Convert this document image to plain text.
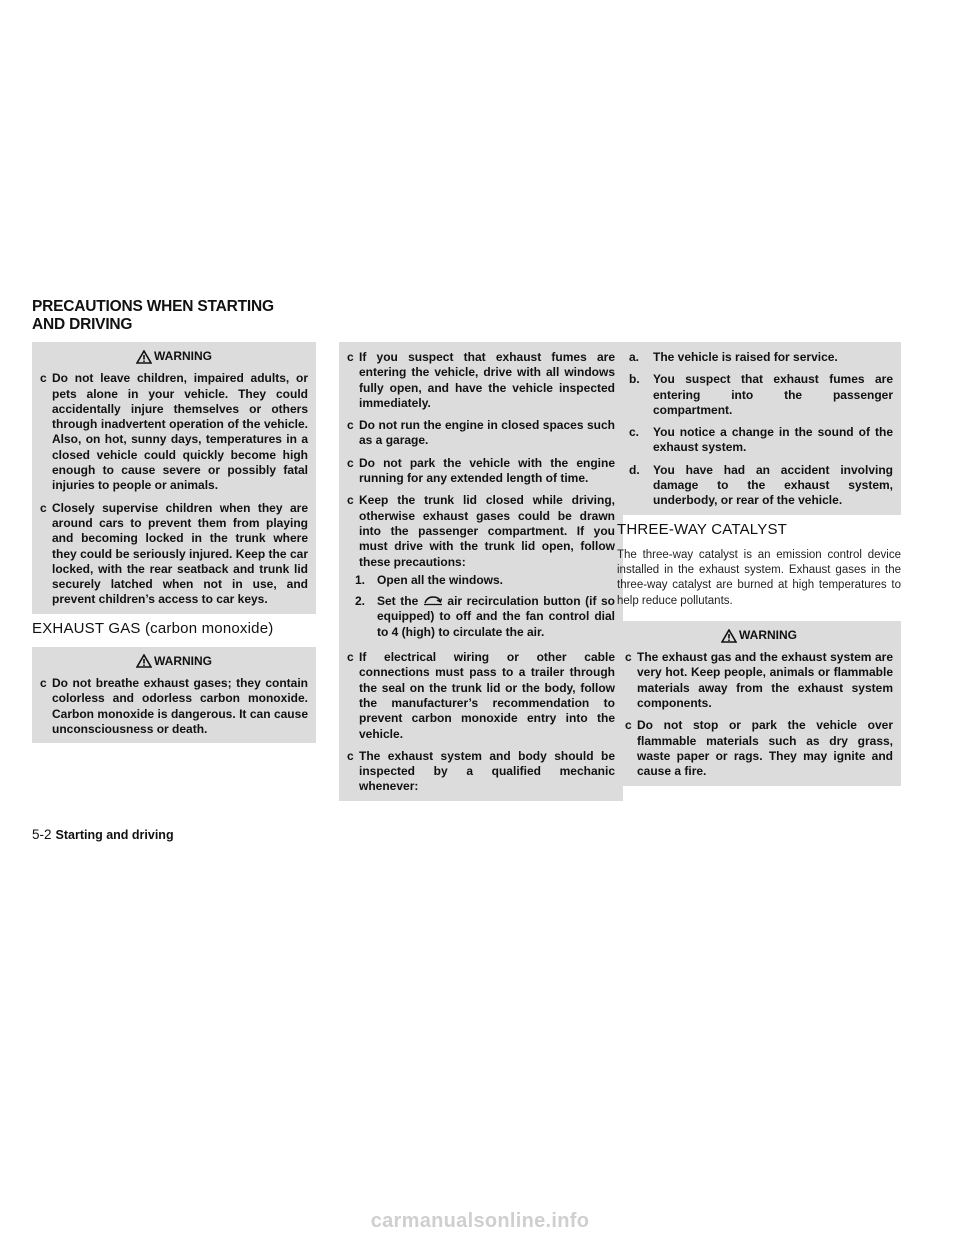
PRECAUTIONS WHEN STARTING
AND DRIVING
WARNING
c Do not leave children, impaired adults, or pets alone in your vehicle. They could accidentally injure themselves or others through inadvertent operation of the vehicle. Also, on hot, sunny days, temperatures in a closed vehicle could quickly become high enough to cause severe or possibly fatal injuries to people or animals.
c Closely supervise children when they are around cars to prevent them from playing and becoming locked in the trunk where they could be seriously injured. Keep the car locked, with the rear seatback and trunk lid securely latched when not in use, and prevent children’s access to car keys.
EXHAUST GAS (carbon monoxide)
WARNING
c Do not breathe exhaust gases; they contain colorless and odorless carbon monoxide. Carbon monoxide is dangerous. It can cause unconsciousness or death.
c If you suspect that exhaust fumes are entering the vehicle, drive with all windows fully open, and have the vehicle inspected immediately.
c Do not run the engine in closed spaces such as a garage.
c Do not park the vehicle with the engine running for any extended length of time.
c Keep the trunk lid closed while driving, otherwise exhaust gases could be drawn into the passenger compartment. If you must drive with the trunk lid open, follow these precautions:
1. Open all the windows.
2. Set the air recirculation button (if so equipped) to off and the fan control dial to 4 (high) to circulate the air.
c If electrical wiring or other cable connections must pass to a trailer through the seal on the trunk lid or the body, follow the manufacturer’s recommendation to prevent carbon monoxide entry into the vehicle.
c The exhaust system and body should be inspected by a qualified mechanic whenever:
a.	The vehicle is raised for service.
b.	You suspect that exhaust fumes are entering into the passenger compartment.
c.	You notice a change in the sound of the exhaust system.
d.	You have had an accident involving damage to the exhaust system, underbody, or rear of the vehicle.
THREE-WAY CATALYST

The three-way catalyst is an emission control device installed in the exhaust system. Exhaust gases in the three-way catalyst are burned at high temperatures to help reduce pollutants.

WARNING
c The exhaust gas and the exhaust system are very hot. Keep people, animals or flammable materials away from the exhaust system components.
c Do not stop or park the vehicle over flammable materials such as dry grass, waste paper or rags. They may ignite and cause a fire.
5-2 Starting and driving
carmanualsonline.info
